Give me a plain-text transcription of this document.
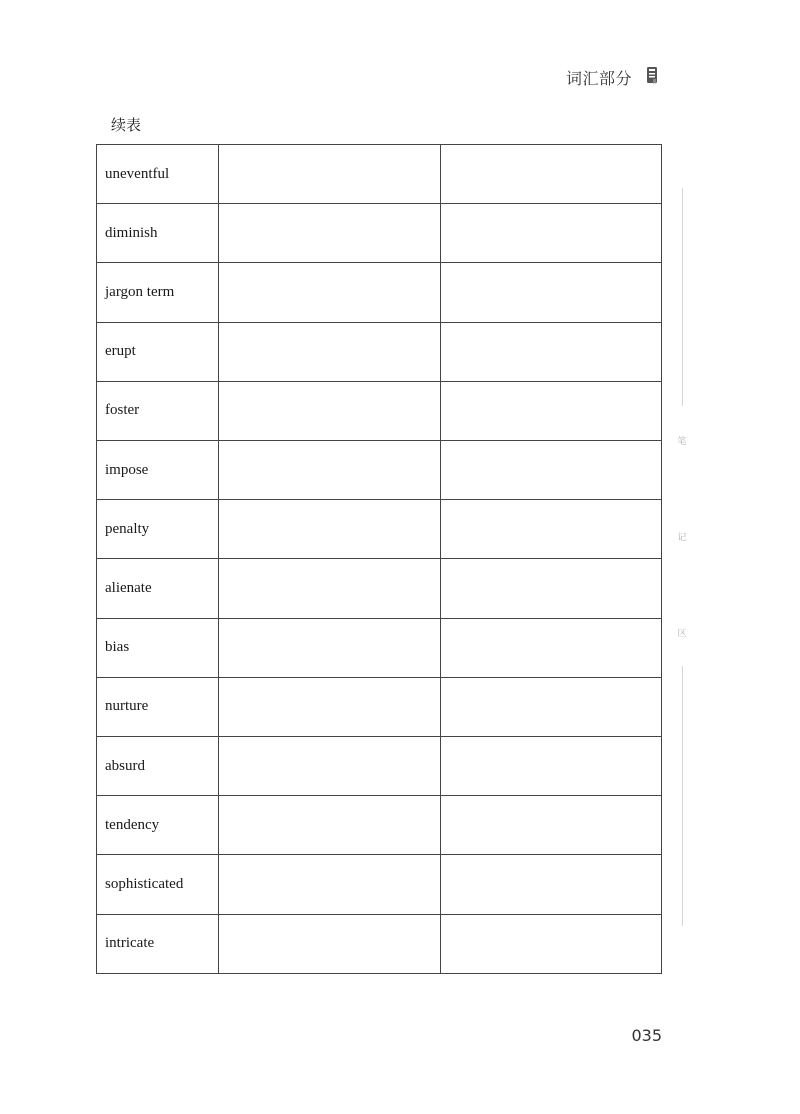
词汇部分
续表
uneventful		
diminish		
jargon term		
erupt		
foster		
impose		
penalty		
alienate		
bias		
nurture		
absurd		
tendency		
sophisticated		
intricate		
笔
记
区
035
